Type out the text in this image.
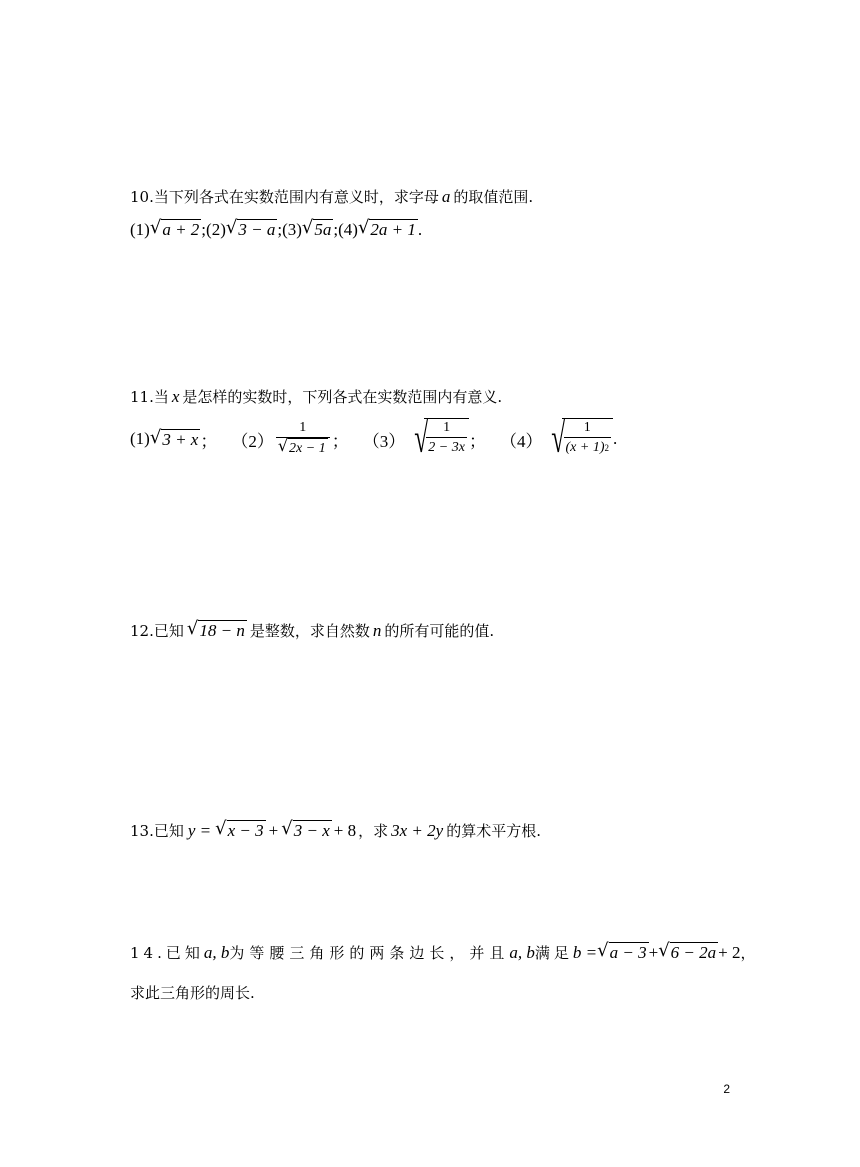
10.当下列各式在实数范围内有意义时，求字母 a 的取值范围.
(1) √ a + 2 ; (2) √ 3 − a ; (3) √ 5a ; (4) √ 2a + 1 .
11.当 x 是怎样的实数时，下列各式在实数范围内有意义.
(1) √ 3 + x ； $(2) \frac{1}{√ 2x - 1}$ ； （3） √
$\frac{1}{2 - 3x}$ ； （4） √
$\frac{1}{(x + 1) 2}$ .
12.已知 √ 18 − n 是整数，求自然数 n 的所有可能的值.
13.已知 y = √ x − 3 + √ 3 − x + 8 ，求 3x + 2y 的算术平方根.
14.已知 a, b 为等腰三角形的两条边长，并且 a, b 满足 b = √ a − 3 + √ 6 − 2a + 2 ，
求此三角形的周长.
2
